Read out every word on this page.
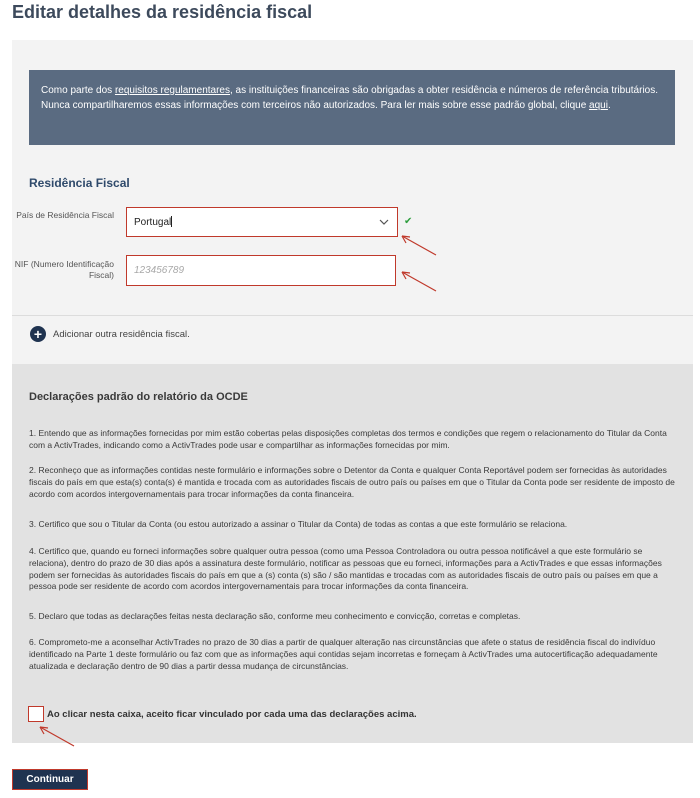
Editar detalhes da residência fiscal
Como parte dos requisitos regulamentares, as instituições financeiras são obrigadas a obter residência e números de referência tributários. Nunca compartilharemos essas informações com terceiros não autorizados. Para ler mais sobre esse padrão global, clique aqui.
Residência Fiscal
País de Residência Fiscal
Portugal	✔
NIF (Numero Identificação Fiscal)
123456789
+	Adicionar outra residência fiscal.
Declarações padrão do relatório da OCDE

1. Entendo que as informações fornecidas por mim estão cobertas pelas disposições completas dos termos e condições que regem o relacionamento do Titular da Conta com a ActivTrades, indicando como a ActivTrades pode usar e compartilhar as informações fornecidas por mim.

2. Reconheço que as informações contidas neste formulário e informações sobre o Detentor da Conta e qualquer Conta Reportável podem ser fornecidas às autoridades fiscais do país em que esta(s) conta(s) é mantida e trocada com as autoridades fiscais de outro país ou países em que o Titular da Conta pode ser residente de imposto de acordo com acordos intergovernamentais para trocar informações da conta financeira.

3. Certifico que sou o Titular da Conta (ou estou autorizado a assinar o Titular da Conta) de todas as contas a que este formulário se relaciona.

4. Certifico que, quando eu forneci informações sobre qualquer outra pessoa (como uma Pessoa Controladora ou outra pessoa notificável a que este formulário se relaciona), dentro do prazo de 30 dias após a assinatura deste formulário, notificar as pessoas que eu forneci, informações para a ActivTrades e que essas informações podem ser fornecidas às autoridades fiscais do país em que a (s) conta (s) são / são mantidas e trocadas com as autoridades fiscais de outro país ou países em que a pessoa pode ser residente de acordo com acordos intergovernamentais para trocar informações da conta financeira.

5. Declaro que todas as declarações feitas nesta declaração são, conforme meu conhecimento e convicção, corretas e completas.

6. Comprometo-me a aconselhar ActivTrades no prazo de 30 dias a partir de qualquer alteração nas circunstâncias que afete o status de residência fiscal do indivíduo identificado na Parte 1 deste formulário ou faz com que as informações aqui contidas sejam incorretas e forneçam à ActivTrades uma autocertificação adequadamente atualizada e declaração dentro de 90 dias a partir dessa mudança de circunstâncias.

Ao clicar nesta caixa, aceito ficar vinculado por cada uma das declarações acima.
Continuar
